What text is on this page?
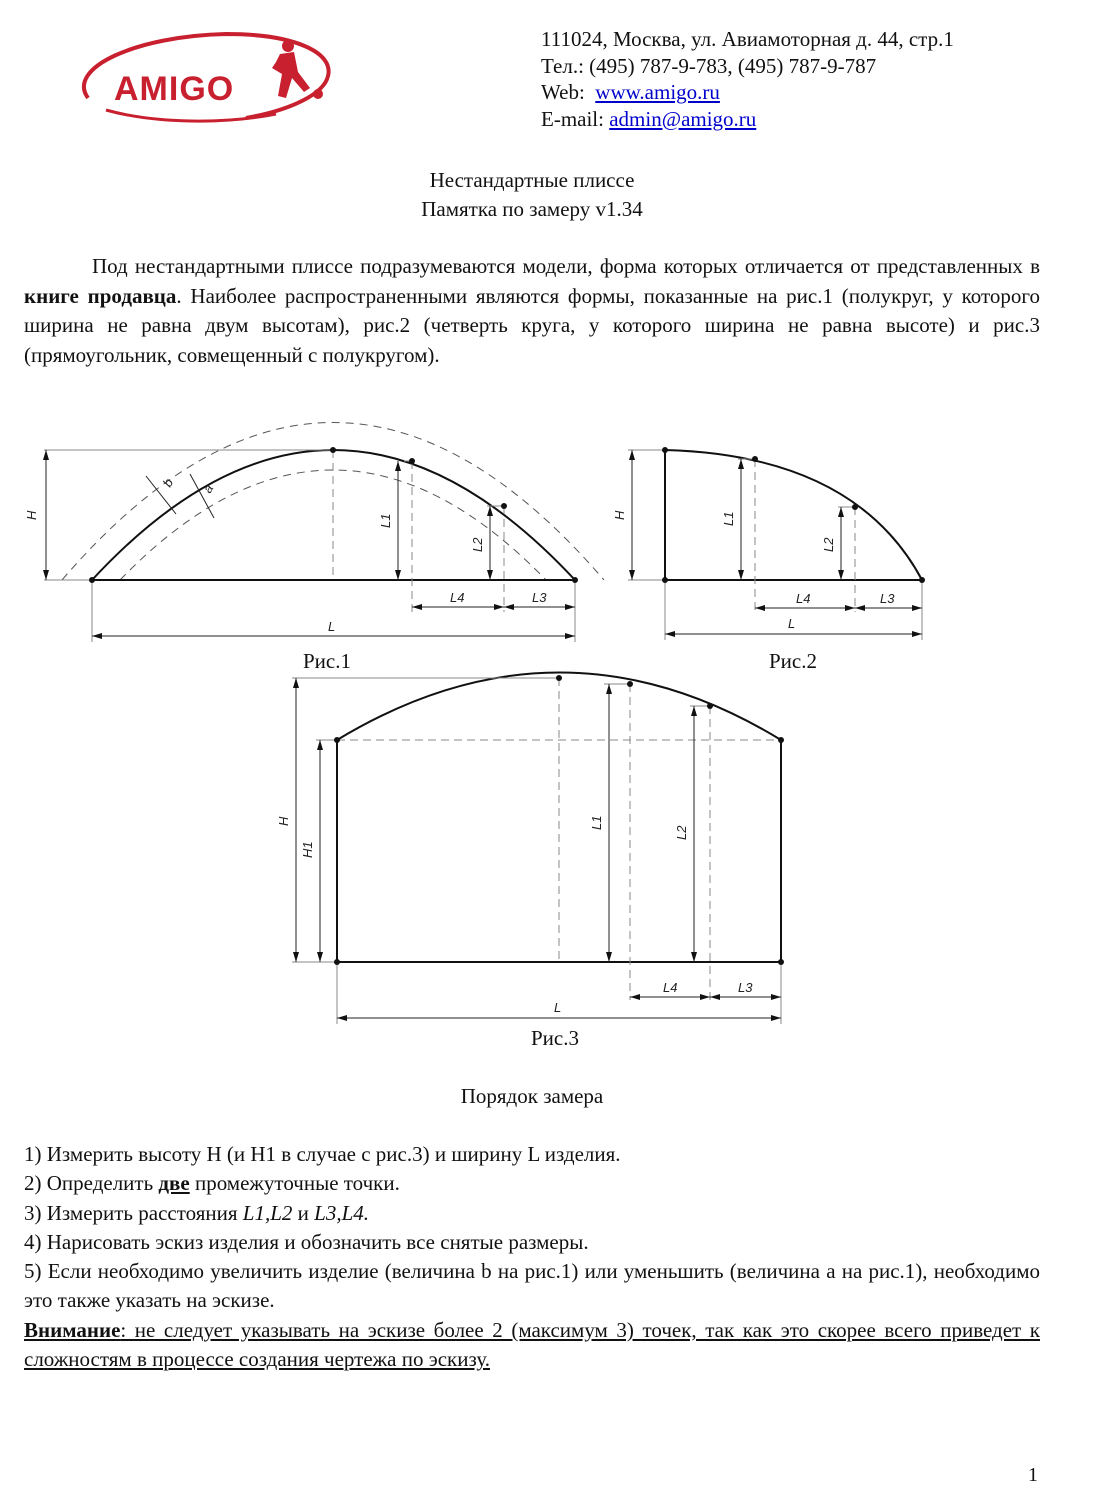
AMIGO
111024, Москва, ул. Авиамоторная д. 44, стр.1
Тел.: (495) 787-9-783, (495) 787-9-787
Web: www.amigo.ru
E-mail: admin@amigo.ru
Нестандартные плиссе
Памятка по замеру v1.34
Под нестандартными плиссе подразумеваются модели, форма которых отличается от представленных в книге продавца. Наиболее распространенными являются формы, показанные на рис.1 (полукруг, у которого ширина не равна двум высотам), рис.2 (четверть круга, у которого ширина не равна высоте) и рис.3 (прямоугольник, совмещенный с полукругом).
H
b a
L1
L2
L4	L3
L
Рис.1
H	L1
L2
L4	L3
L
Рис.2
H
H1
L1
L2
L4	L3
L
Рис.3
Порядок замера

1) Измерить высоту Н (и Н1 в случае с рис.3) и ширину L изделия.

2) Определить две промежуточные точки.

3) Измерить расстояния L1,L2 и L3,L4.

4) Нарисовать эскиз изделия и обозначить все снятые размеры.

5) Если необходимо увеличить изделие (величина b на рис.1) или уменьшить (величина a на рис.1), необходимо это также указать на эскизе.

Внимание: не следует указывать на эскизе более 2 (максимум 3) точек, так как это скорее всего приведет к сложностям в процессе создания чертежа по эскизу.

1
